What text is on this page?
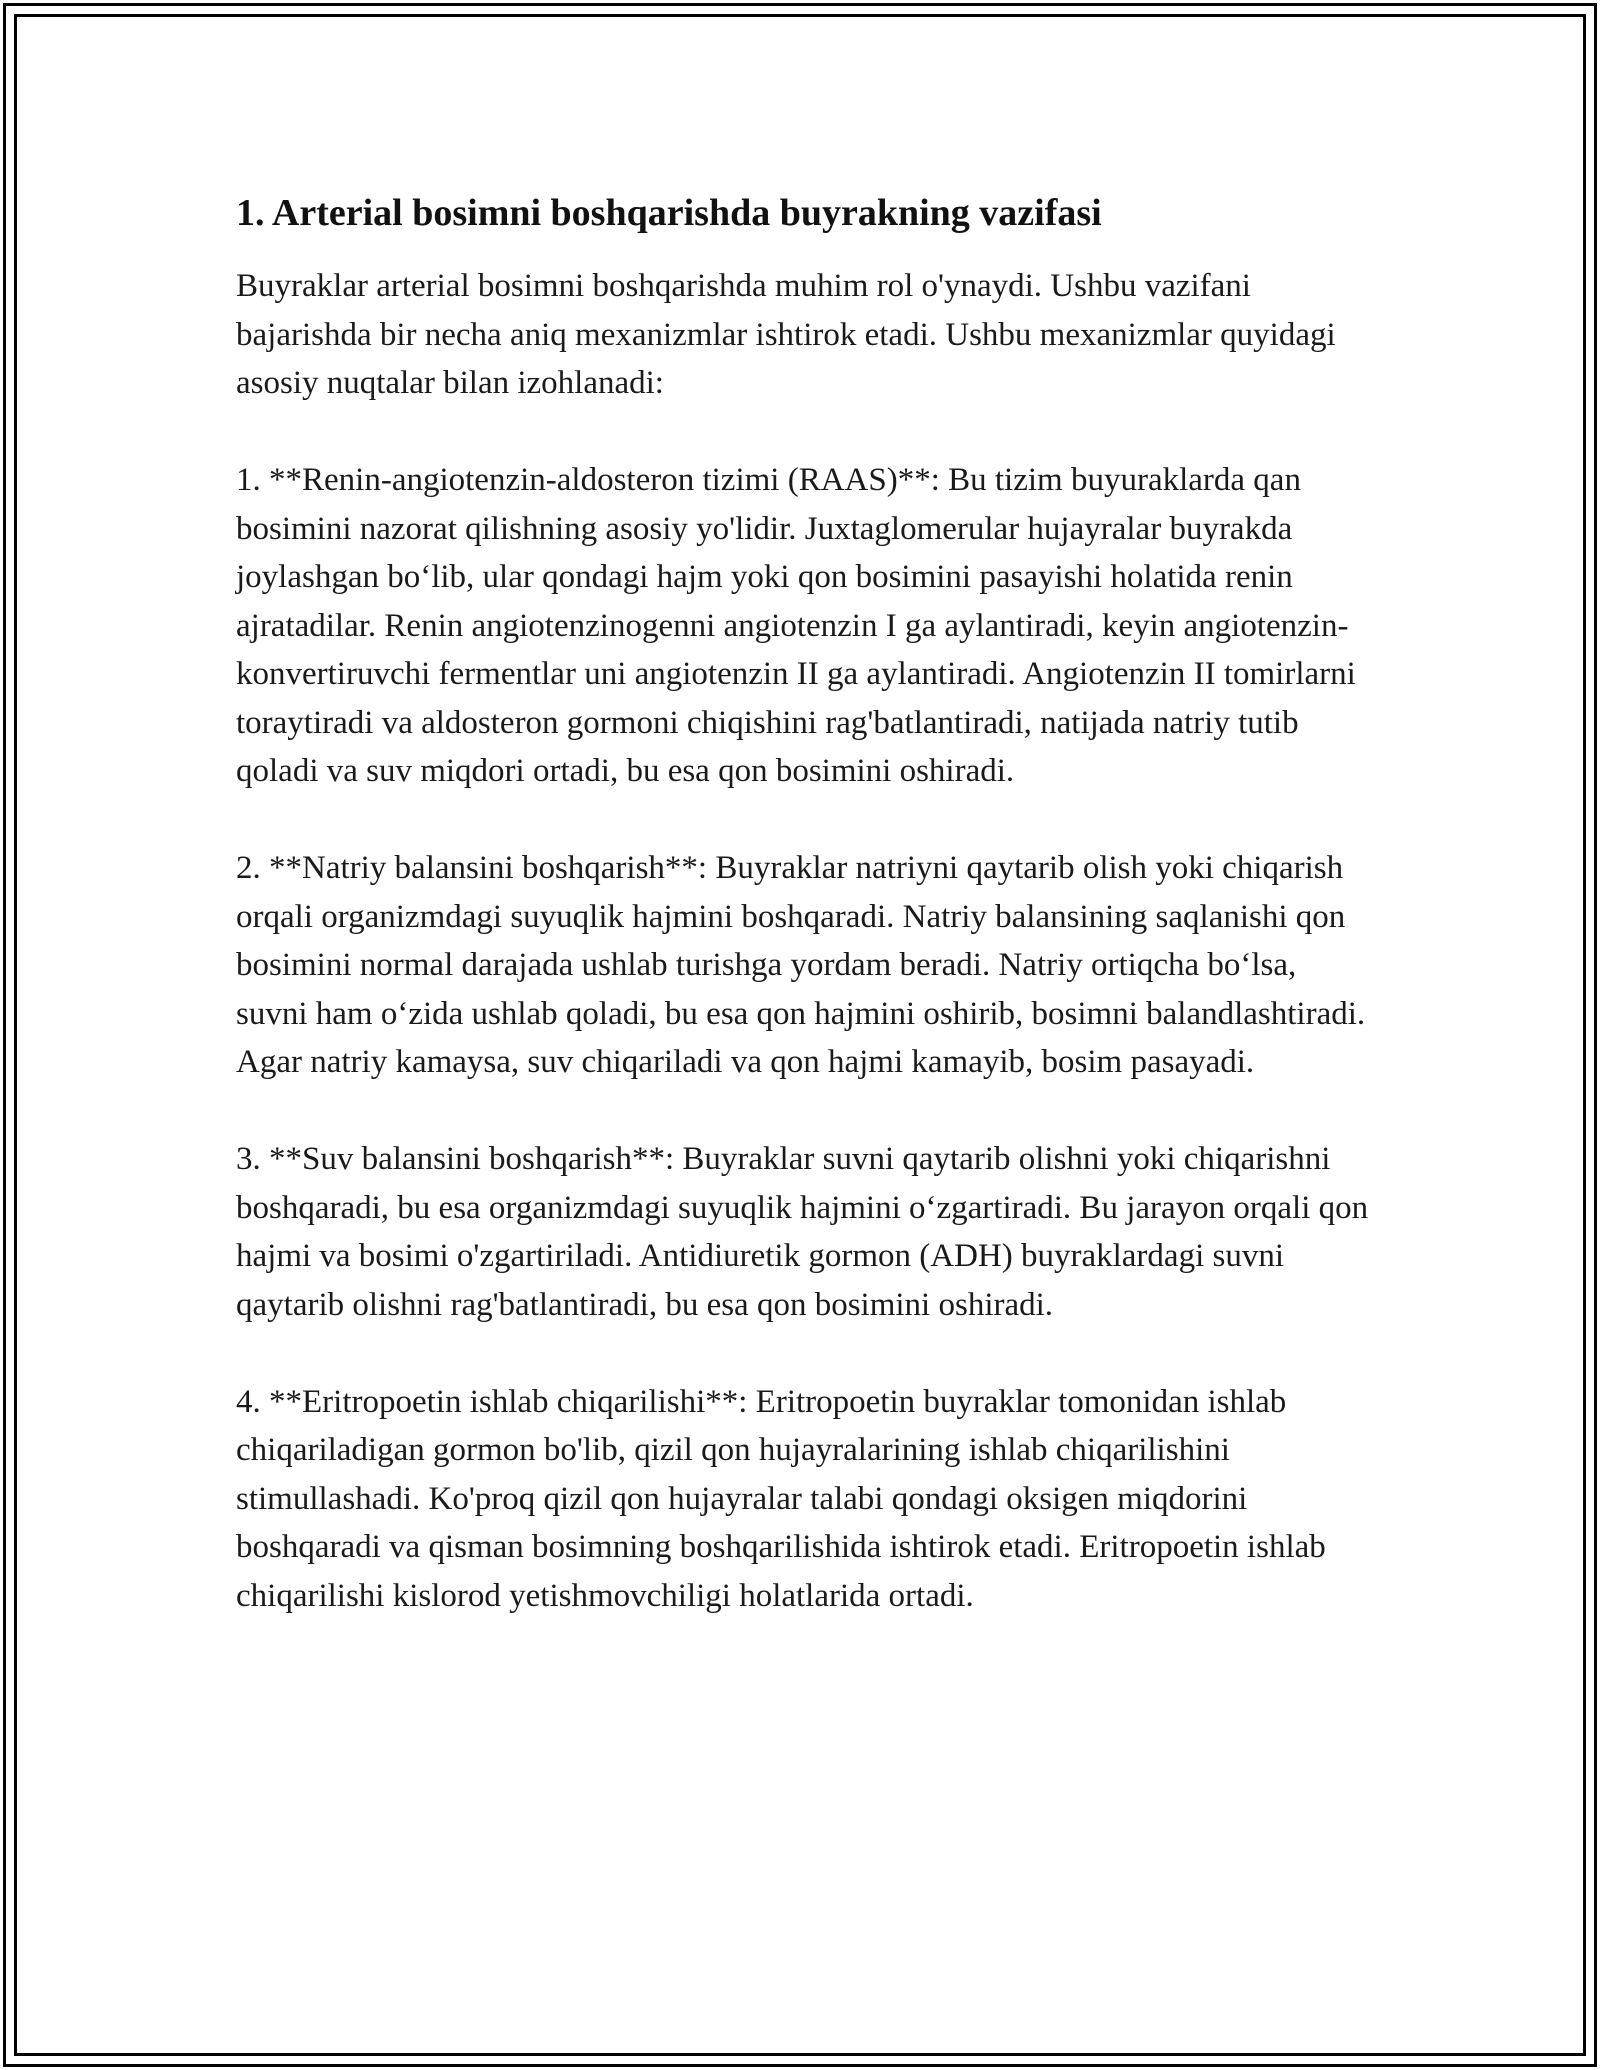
1. Arterial bosimni boshqarishda buyrakning vazifasi

Buyraklar arterial bosimni boshqarishda muhim rol o'ynaydi. Ushbu vazifani bajarishda bir necha aniq mexanizmlar ishtirok etadi. Ushbu mexanizmlar quyidagi asosiy nuqtalar bilan izohlanadi:

1. **Renin-angiotenzin-aldosteron tizimi (RAAS)**: Bu tizim buyuraklarda qan bosimini nazorat qilishning asosiy yo'lidir. Juxtaglomerular hujayralar buyrakda joylashgan bo‘lib, ular qondagi hajm yoki qon bosimini pasayishi holatida renin ajratadilar. Renin angiotenzinogenni angiotenzin I ga aylantiradi, keyin angiotenzin-konvertiruvchi fermentlar uni angiotenzin II ga aylantiradi. Angiotenzin II tomirlarni toraytiradi va aldosteron gormoni chiqishini rag'batlantiradi, natijada natriy tutib qoladi va suv miqdori ortadi, bu esa qon bosimini oshiradi.

2. **Natriy balansini boshqarish**: Buyraklar natriyni qaytarib olish yoki chiqarish orqali organizmdagi suyuqlik hajmini boshqaradi. Natriy balansining saqlanishi qon bosimini normal darajada ushlab turishga yordam beradi. Natriy ortiqcha bo‘lsa, suvni ham o‘zida ushlab qoladi, bu esa qon hajmini oshirib, bosimni balandlashtiradi. Agar natriy kamaysa, suv chiqariladi va qon hajmi kamayib, bosim pasayadi.

3. **Suv balansini boshqarish**: Buyraklar suvni qaytarib olishni yoki chiqarishni boshqaradi, bu esa organizmdagi suyuqlik hajmini o‘zgartiradi. Bu jarayon orqali qon hajmi va bosimi o'zgartiriladi. Antidiuretik gormon (ADH) buyraklardagi suvni qaytarib olishni rag'batlantiradi, bu esa qon bosimini oshiradi.

4. **Eritropoetin ishlab chiqarilishi**: Eritropoetin buyraklar tomonidan ishlab chiqariladigan gormon bo'lib, qizil qon hujayralarining ishlab chiqarilishini stimullashadi. Ko'proq qizil qon hujayralar talabi qondagi oksigen miqdorini boshqaradi va qisman bosimning boshqarilishida ishtirok etadi. Eritropoetin ishlab chiqarilishi kislorod yetishmovchiligi holatlarida ortadi.
